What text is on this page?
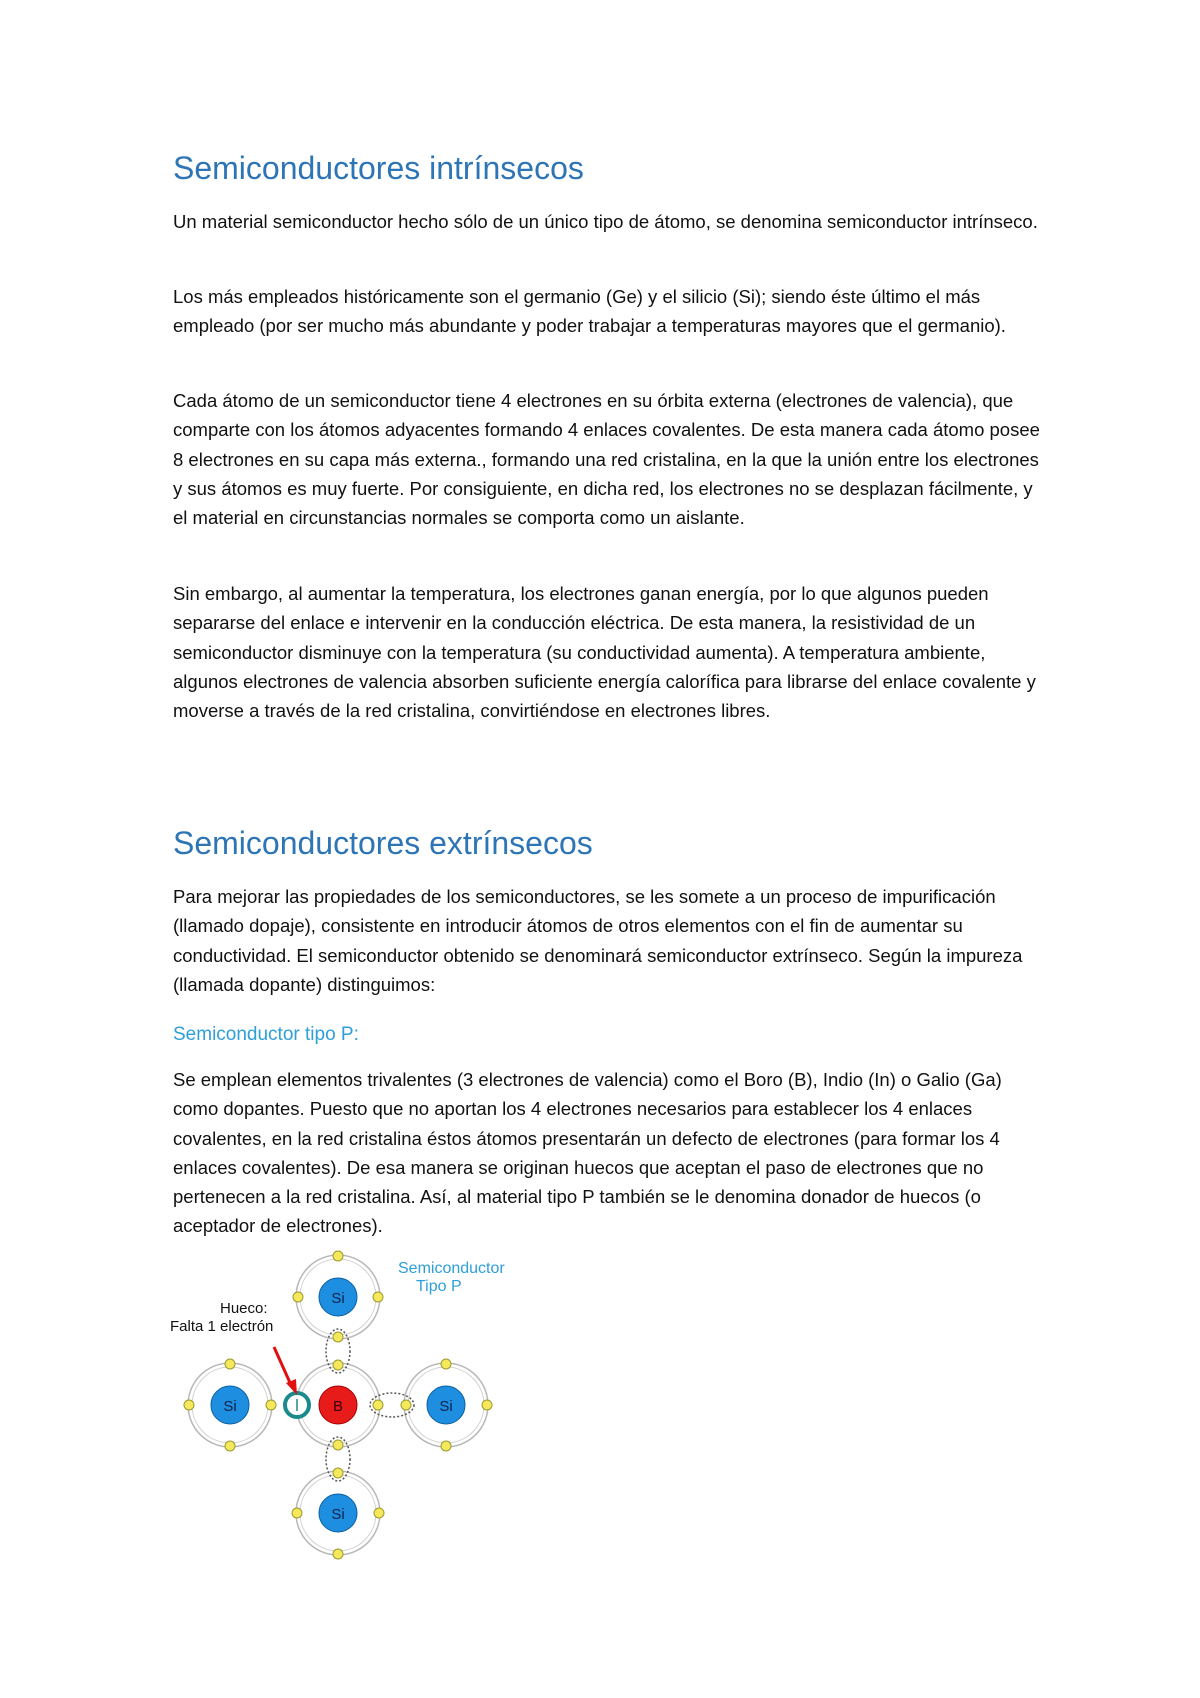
Semiconductores intrínsecos

Un material semiconductor hecho sólo de un único tipo de átomo, se denomina semiconductor intrínseco.

Los más empleados históricamente son el germanio (Ge) y el silicio (Si); siendo éste último el más empleado (por ser mucho más abundante y poder trabajar a temperaturas mayores que el germanio).

Cada átomo de un semiconductor tiene 4 electrones en su órbita externa (electrones de valencia), que comparte con los átomos adyacentes formando 4 enlaces covalentes. De esta manera cada átomo posee 8 electrones en su capa más externa., formando una red cristalina, en la que la unión entre los electrones y sus átomos es muy fuerte. Por consiguiente, en dicha red, los electrones no se desplazan fácilmente, y el material en circunstancias normales se comporta como un aislante.

Sin embargo, al aumentar la temperatura, los electrones ganan energía, por lo que algunos pueden separarse del enlace e intervenir en la conducción eléctrica. De esta manera, la resistividad de un semiconductor disminuye con la temperatura (su conductividad aumenta). A temperatura ambiente, algunos electrones de valencia absorben suficiente energía calorífica para librarse del enlace covalente y moverse a través de la red cristalina, convirtiéndose en electrones libres.

Semiconductores extrínsecos

Para mejorar las propiedades de los semiconductores, se les somete a un proceso de impurificación (llamado dopaje), consistente en introducir átomos de otros elementos con el fin de aumentar su conductividad. El semiconductor obtenido se denominará semiconductor extrínseco. Según la impureza (llamada dopante) distinguimos:

Semiconductor tipo P:

Se emplean elementos trivalentes (3 electrones de valencia) como el Boro (B), Indio (In) o Galio (Ga) como dopantes. Puesto que no aportan los 4 electrones necesarios para establecer los 4 enlaces covalentes, en la red cristalina éstos átomos presentarán un defecto de electrones (para formar los 4 enlaces covalentes). De esa manera se originan huecos que aceptan el paso de electrones que no pertenecen a la red cristalina. Así, al material tipo P también se le denomina donador de huecos (o aceptador de electrones).

Si
Si	B	Si
Si
Semiconductor
Tipo P
Hueco:
Falta 1 electrón
